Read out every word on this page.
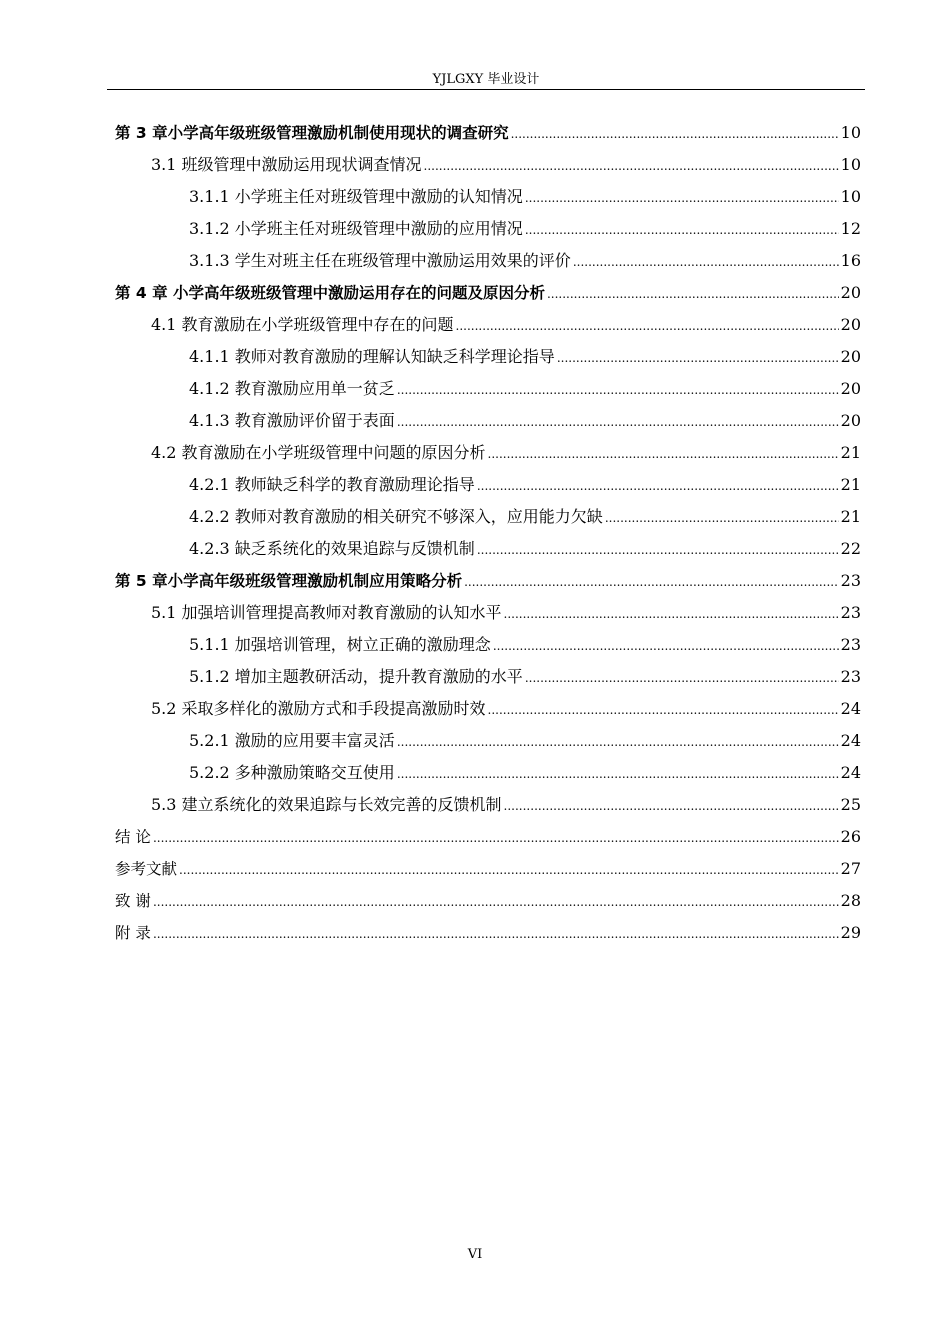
YJLGXY 毕业设计
第 3 章小学高年级班级管理激励机制使用现状的调查研究 .....	10
3.1 班级管理中激励运用现状调查情况 .....	10
3.1.1 小学班主任对班级管理中激励的认知情况 .....	10
3.1.2 小学班主任对班级管理中激励的应用情况 .....	12
3.1.3 学生对班主任在班级管理中激励运用效果的评价 .....	16
第 4 章 小学高年级班级管理中激励运用存在的问题及原因分析 .....	20
4.1 教育激励在小学班级管理中存在的问题 .....	20
4.1.1 教师对教育激励的理解认知缺乏科学理论指导 .....	20
4.1.2 教育激励应用单一贫乏 .....	20
4.1.3 教育激励评价留于表面 .....	20
4.2 教育激励在小学班级管理中问题的原因分析 .....	21
4.2.1 教师缺乏科学的教育激励理论指导 .....	21
4.2.2 教师对教育激励的相关研究不够深入，应用能力欠缺 .....	21
4.2.3 缺乏系统化的效果追踪与反馈机制 .....	22
第 5 章小学高年级班级管理激励机制应用策略分析 .....	23
5.1 加强培训管理提高教师对教育激励的认知水平 .....	23
5.1.1 加强培训管理，树立正确的激励理念 .....	23
5.1.2 增加主题教研活动，提升教育激励的水平 .....	23
5.2 采取多样化的激励方式和手段提高激励时效 .....	24
5.2.1 激励的应用要丰富灵活 .....	24
5.2.2 多种激励策略交互使用 .....	24
5.3 建立系统化的效果追踪与长效完善的反馈机制 .....	25
结 论 .....	26
参考文献 .....	27
致 谢 .....	28
附 录 .....	29
VI
